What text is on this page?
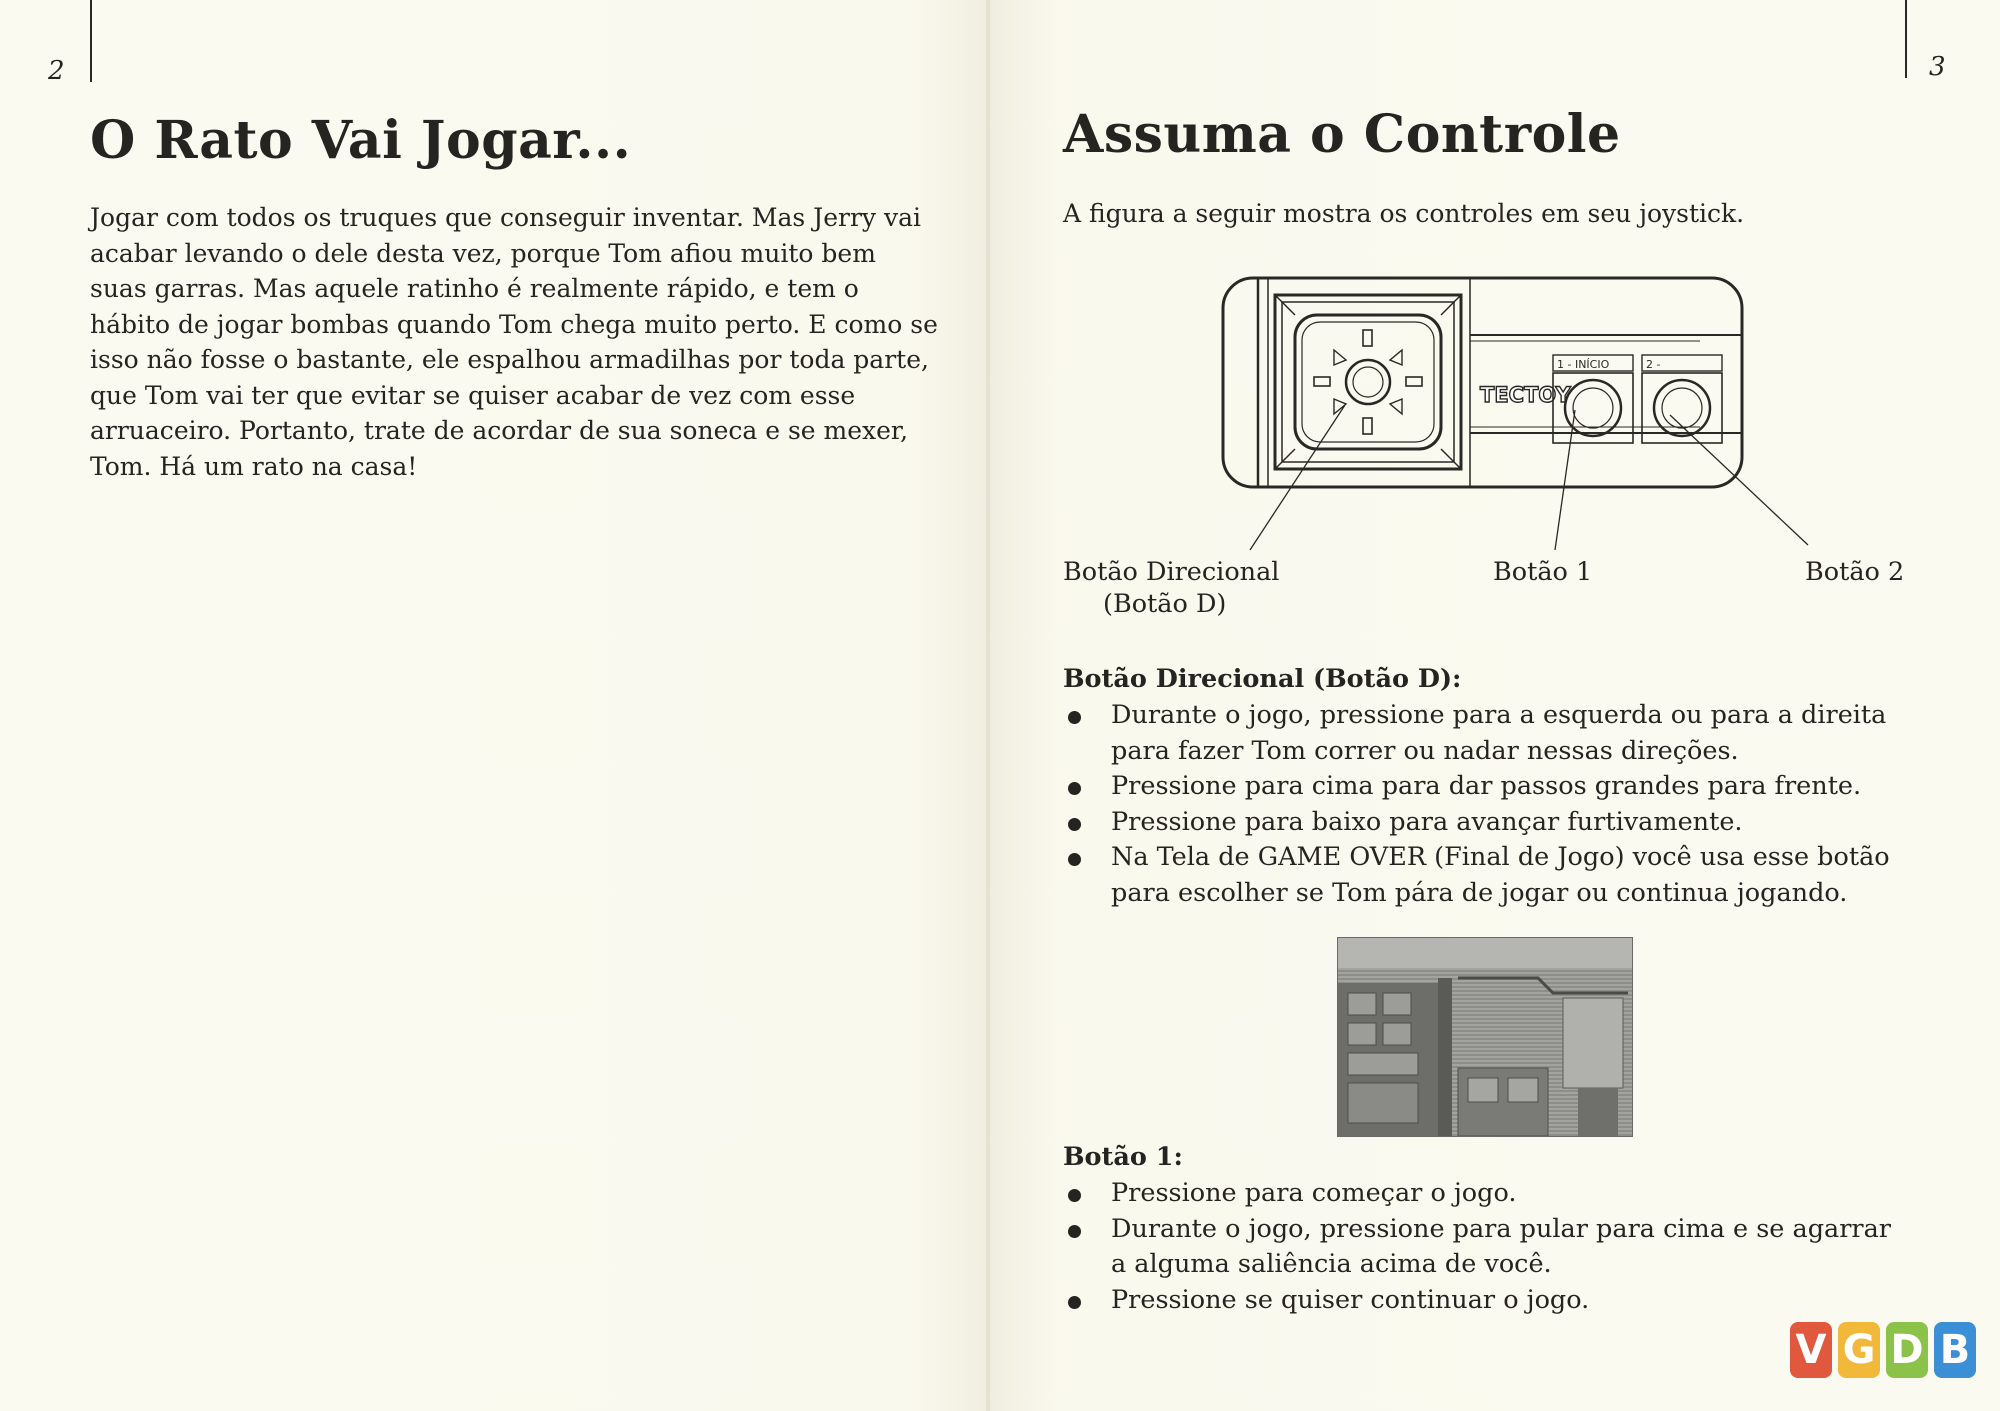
2
O Rato Vai Jogar...

Jogar com todos os truques que conseguir inventar. Mas Jerry vai acabar levando o dele desta vez, porque Tom afiou muito bem suas garras. Mas aquele ratinho é realmente rápido, e tem o hábito de jogar bombas quando Tom chega muito perto. E como se isso não fosse o bastante, ele espalhou armadilhas por toda parte, que Tom vai ter que evitar se quiser acabar de vez com esse arruaceiro. Portanto, trate de acordar de sua soneca e se mexer, Tom. Há um rato na casa!

3
Assuma o Controle
A figura a seguir mostra os controles em seu joystick.
TECTOY
1 - INÍCIO	2 -
Botão Direcional
(Botão D)
Botão 1	Botão 2
Botão Direcional (Botão D):
Durante o jogo, pressione para a esquerda ou para a direita para fazer Tom correr ou nadar nessas direções.
Pressione para cima para dar passos grandes para frente.
Pressione para baixo para avançar furtivamente.
Na Tela de GAME OVER (Final de Jogo) você usa esse botão para escolher se Tom pára de jogar ou continua jogando.
Botão 1:
Pressione para começar o jogo.
Durante o jogo, pressione para pular para cima e se agarrar a alguma saliência acima de você.
Pressione se quiser continuar o jogo.
V G D B
